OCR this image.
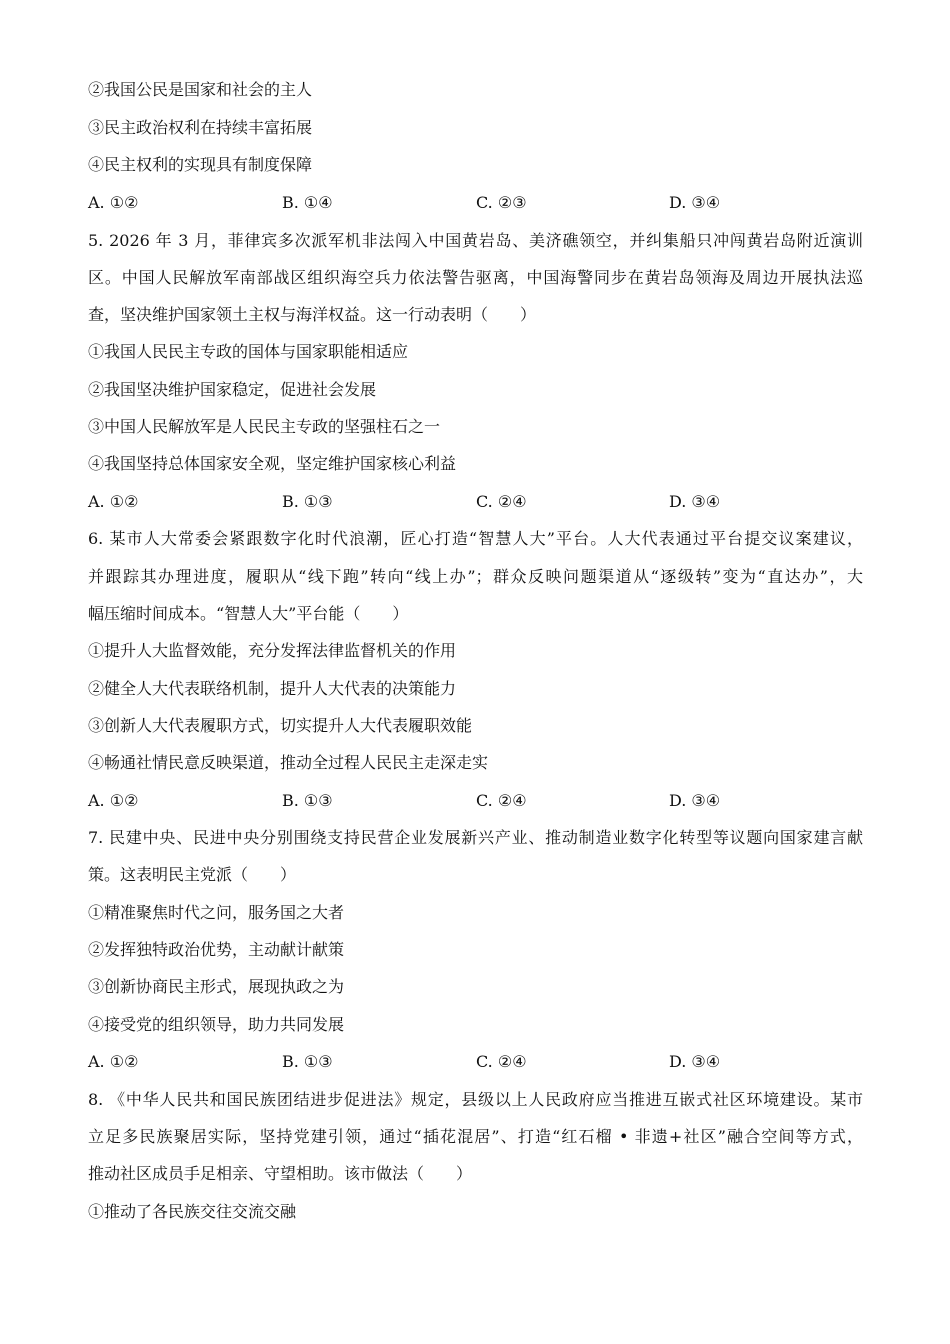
②我国公民是国家和社会的主人
③民主政治权利在持续丰富拓展
④民主权利的实现具有制度保障
A. ①②	B. ①④	C. ②③	D. ③④
5. 2026 年 3 月，菲律宾多次派军机非法闯入中国黄岩岛、美济礁领空，并纠集船只冲闯黄岩岛附近演训
区。中国人民解放军南部战区组织海空兵力依法警告驱离，中国海警同步在黄岩岛领海及周边开展执法巡
查，坚决维护国家领土主权与海洋权益。这一行动表明（　　）
①我国人民民主专政的国体与国家职能相适应
②我国坚决维护国家稳定，促进社会发展
③中国人民解放军是人民民主专政的坚强柱石之一
④我国坚持总体国家安全观，坚定维护国家核心利益
A. ①②	B. ①③	C. ②④	D. ③④
6. 某市人大常委会紧跟数字化时代浪潮，匠心打造“智慧人大”平台。人大代表通过平台提交议案建议，
并跟踪其办理进度，履职从“线下跑”转向“线上办”；群众反映问题渠道从“逐级转”变为“直达办”，大
幅压缩时间成本。“智慧人大”平台能（　　）
①提升人大监督效能，充分发挥法律监督机关的作用
②健全人大代表联络机制，提升人大代表的决策能力
③创新人大代表履职方式，切实提升人大代表履职效能
④畅通社情民意反映渠道，推动全过程人民民主走深走实
A. ①②	B. ①③	C. ②④	D. ③④
7. 民建中央、民进中央分别围绕支持民营企业发展新兴产业、推动制造业数字化转型等议题向国家建言献
策。这表明民主党派（　　）
①精准聚焦时代之问，服务国之大者
②发挥独特政治优势，主动献计献策
③创新协商民主形式，展现执政之为
④接受党的组织领导，助力共同发展
A. ①②	B. ①③	C. ②④	D. ③④
8. 《中华人民共和国民族团结进步促进法》规定，县级以上人民政府应当推进互嵌式社区环境建设。某市
立足多民族聚居实际，坚持党建引领，通过“插花混居”、打造“红石榴 • 非遗+社区”融合空间等方式，
推动社区成员手足相亲、守望相助。该市做法（　　）
①推动了各民族交往交流交融
